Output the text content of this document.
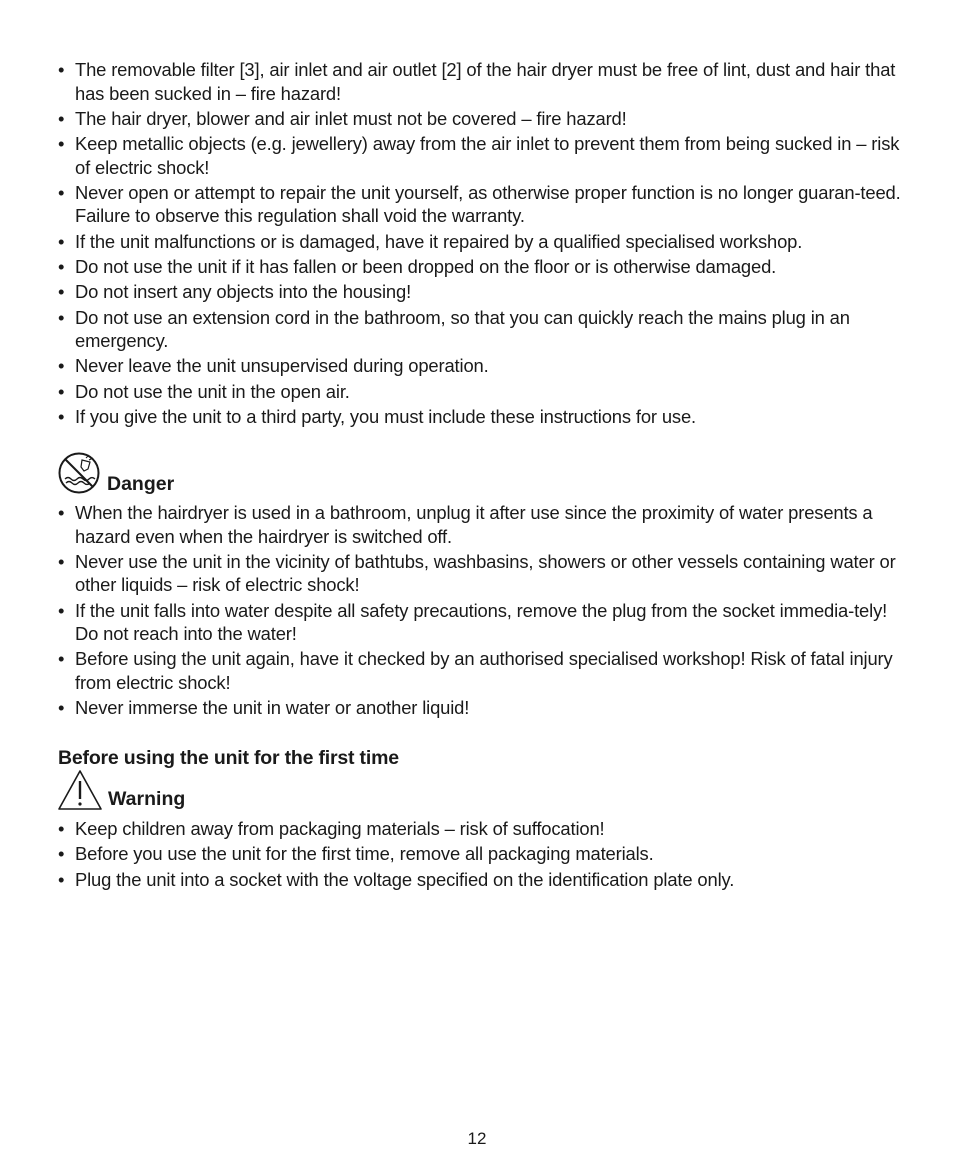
• The removable filter [3], air inlet and air outlet [2] of the hair dryer must be free of lint, dust and hair that has been sucked in – fire hazard!
• The hair dryer, blower and air inlet must not be covered – fire hazard!
• Keep metallic objects (e.g. jewellery) away from the air inlet to prevent them from being sucked in – risk of electric shock!
• Never open or attempt to repair the unit yourself, as otherwise proper function is no longer guaran-teed. Failure to observe this regulation shall void the warranty.
• If the unit malfunctions or is damaged, have it repaired by a qualified specialised workshop.
• Do not use the unit if it has fallen or been dropped on the floor or is otherwise damaged.
• Do not insert any objects into the housing!
• Do not use an extension cord in the bathroom, so that you can quickly reach the mains plug in an emergency.
• Never leave the unit unsupervised during operation.
• Do not use the unit in the open air.
• If you give the unit to a third party, you must include these instructions for use.
Danger
• When the hairdryer is used in a bathroom, unplug it after use since the proximity of water presents a hazard even when the hairdryer is switched off.
• Never use the unit in the vicinity of bathtubs, washbasins, showers or other vessels containing water or other liquids – risk of electric shock!
• If the unit falls into water despite all safety precautions, remove the plug from the socket immedia-tely! Do not reach into the water!
• Before using the unit again, have it checked by an authorised specialised workshop! Risk of fatal injury from electric shock!
• Never immerse the unit in water or another liquid!
Before using the unit for the first time
Warning
• Keep children away from packaging materials – risk of suffocation!
• Before you use the unit for the first time, remove all packaging materials.
• Plug the unit into a socket with the voltage specified on the identification plate only.
12
